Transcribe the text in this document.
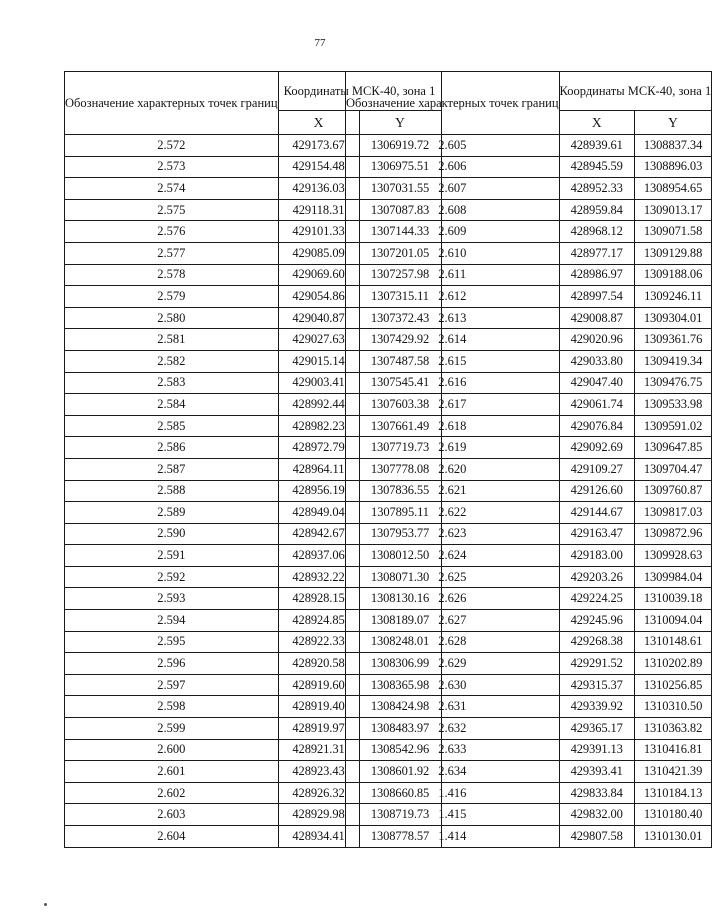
77
Обозначение характерных точек границ	Координаты МСК-40, зона 1	
	X	Y
2.572	429173.67	1306919.72
2.573	429154.48	1306975.51
2.574	429136.03	1307031.55
2.575	429118.31	1307087.83
2.576	429101.33	1307144.33
2.577	429085.09	1307201.05
2.578	429069.60	1307257.98
2.579	429054.86	1307315.11
2.580	429040.87	1307372.43
2.581	429027.63	1307429.92
2.582	429015.14	1307487.58
2.583	429003.41	1307545.41
2.584	428992.44	1307603.38
2.585	428982.23	1307661.49
2.586	428972.79	1307719.73
2.587	428964.11	1307778.08
2.588	428956.19	1307836.55
2.589	428949.04	1307895.11
2.590	428942.67	1307953.77
2.591	428937.06	1308012.50
2.592	428932.22	1308071.30
2.593	428928.15	1308130.16
2.594	428924.85	1308189.07
2.595	428922.33	1308248.01
2.596	428920.58	1308306.99
2.597	428919.60	1308365.98
2.598	428919.40	1308424.98
2.599	428919.97	1308483.97
2.600	428921.31	1308542.96
2.601	428923.43	1308601.92
2.602	428926.32	1308660.85
2.603	428929.98	1308719.73
2.604	428934.41	1308778.57
Обозначение характерных точек границ	Координаты МСК-40, зона 1	
	X	Y
2.605	428939.61	1308837.34
2.606	428945.59	1308896.03
2.607	428952.33	1308954.65
2.608	428959.84	1309013.17
2.609	428968.12	1309071.58
2.610	428977.17	1309129.88
2.611	428986.97	1309188.06
2.612	428997.54	1309246.11
2.613	429008.87	1309304.01
2.614	429020.96	1309361.76
2.615	429033.80	1309419.34
2.616	429047.40	1309476.75
2.617	429061.74	1309533.98
2.618	429076.84	1309591.02
2.619	429092.69	1309647.85
2.620	429109.27	1309704.47
2.621	429126.60	1309760.87
2.622	429144.67	1309817.03
2.623	429163.47	1309872.96
2.624	429183.00	1309928.63
2.625	429203.26	1309984.04
2.626	429224.25	1310039.18
2.627	429245.96	1310094.04
2.628	429268.38	1310148.61
2.629	429291.52	1310202.89
2.630	429315.37	1310256.85
2.631	429339.92	1310310.50
2.632	429365.17	1310363.82
2.633	429391.13	1310416.81
2.634	429393.41	1310421.39
1.416	429833.84	1310184.13
1.415	429832.00	1310180.40
1.414	429807.58	1310130.01
